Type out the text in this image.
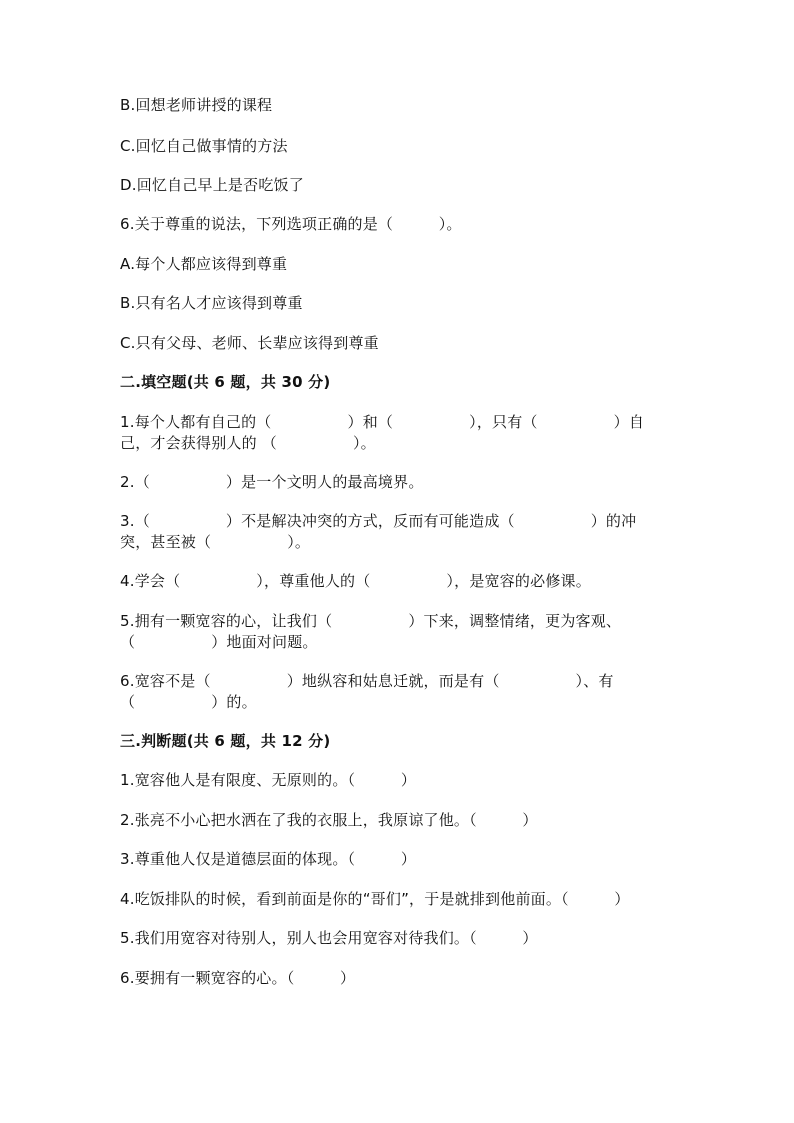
B.回想老师讲授的课程
C.回忆自己做事情的方法
D.回忆自己早上是否吃饭了
6.关于尊重的说法，下列选项正确的是（　　　）。
A.每个人都应该得到尊重
B.只有名人才应该得到尊重
C.只有父母、老师、长辈应该得到尊重
二.填空题(共 6 题，共 30 分)
1.每个人都有自己的（　　　　　）和（　　　　　），只有（　　　　　）自
己，才会获得别人的 （　　　　　）。
2.（　　　　　）是一个文明人的最高境界。
3.（　　　　　）不是解决冲突的方式，反而有可能造成（　　　　　）的冲
突，甚至被（　　　　　）。
4.学会（　　　　　），尊重他人的（　　　　　），是宽容的必修课。
5.拥有一颗宽容的心，让我们（　　　　　）下来，调整情绪，更为客观、
（　　　　　）地面对问题。
6.宽容不是（　　　　　）地纵容和姑息迁就，而是有（　　　　　）、有
（　　　　　）的。
三.判断题(共 6 题，共 12 分)
1.宽容他人是有限度、无原则的。（　　　）
2.张亮不小心把水洒在了我的衣服上，我原谅了他。（　　　）
3.尊重他人仅是道德层面的体现。（　　　）
4.吃饭排队的时候，看到前面是你的“哥们”，于是就排到他前面。（　　　）
5.我们用宽容对待别人，别人也会用宽容对待我们。（　　　）
6.要拥有一颗宽容的心。（　　　）
